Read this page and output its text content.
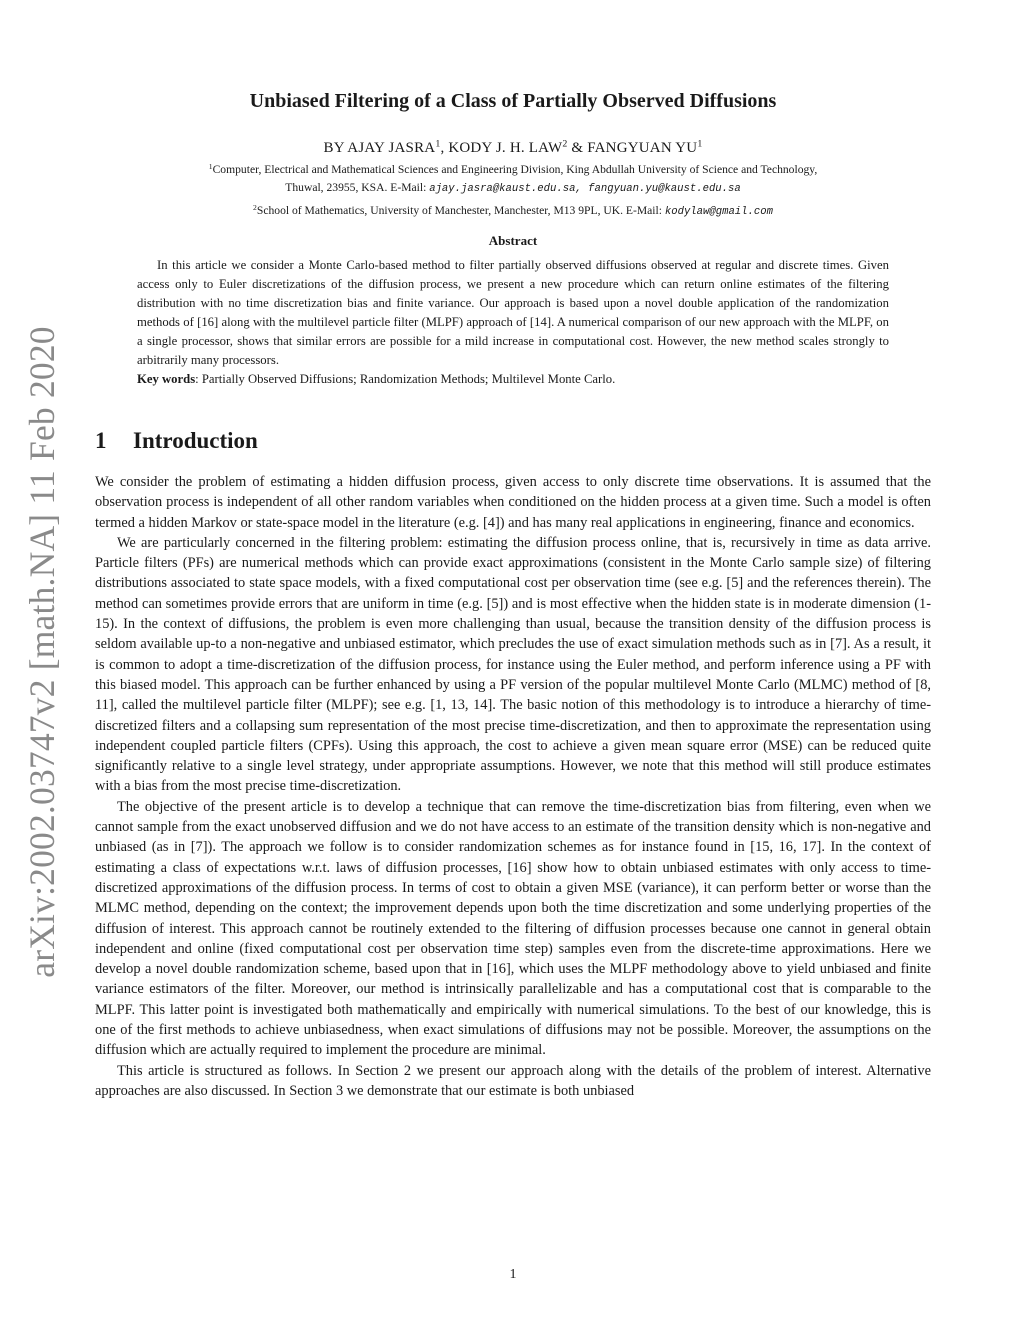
arXiv:2002.03747v2 [math.NA] 11 Feb 2020
Unbiased Filtering of a Class of Partially Observed Diffusions
BY AJAY JASRA$^1$, KODY J. H. LAW$^2$ & FANGYUAN $YU^1$
$^1$Computer, Electrical and Mathematical Sciences and Engineering Division, King Abdullah University of Science and Technology,
Thuwal, 23955, KSA. E-Mail: ajay.jasra@kaust.edu.sa, fangyuan.yu@kaust.edu.sa
$^2$School of Mathematics, University of Manchester, Manchester, M13 9PL, UK. E-Mail: kodylaw@gmail.com
Abstract

In this article we consider a Monte Carlo-based method to filter partially observed diffusions observed at regular and discrete times. Given access only to Euler discretizations of the diffusion process, we present a new procedure which can return online estimates of the filtering distribution with no time discretization bias and finite variance. Our approach is based upon a novel double application of the randomization methods of [16] along with the multilevel particle filter (MLPF) approach of [14]. A numerical comparison of our new approach with the MLPF, on a single processor, shows that similar errors are possible for a mild increase in computational cost. However, the new method scales strongly to arbitrarily many processors.

Key words: Partially Observed Diffusions; Randomization Methods; Multilevel Monte Carlo.

1 Introduction

We consider the problem of estimating a hidden diffusion process, given access to only discrete time observations. It is assumed that the observation process is independent of all other random variables when conditioned on the hidden process at a given time. Such a model is often termed a hidden Markov or state-space model in the literature (e.g. [4]) and has many real applications in engineering, finance and economics.

We are particularly concerned in the filtering problem: estimating the diffusion process online, that is, recursively in time as data arrive. Particle filters (PFs) are numerical methods which can provide exact approximations (consistent in the Monte Carlo sample size) of filtering distributions associated to state space models, with a fixed computational cost per observation time (see e.g. [5] and the references therein). The method can sometimes provide errors that are uniform in time (e.g. [5]) and is most effective when the hidden state is in moderate dimension (1-15). In the context of diffusions, the problem is even more challenging than usual, because the transition density of the diffusion process is seldom available up-to a non-negative and unbiased estimator, which precludes the use of exact simulation methods such as in [7]. As a result, it is common to adopt a time-discretization of the diffusion process, for instance using the Euler method, and perform inference using a PF with this biased model. This approach can be further enhanced by using a PF version of the popular multilevel Monte Carlo (MLMC) method of [8, 11], called the multilevel particle filter (MLPF); see e.g. [1, 13, 14]. The basic notion of this methodology is to introduce a hierarchy of time-discretized filters and a collapsing sum representation of the most precise time-discretization, and then to approximate the representation using independent coupled particle filters (CPFs). Using this approach, the cost to achieve a given mean square error (MSE) can be reduced quite significantly relative to a single level strategy, under appropriate assumptions. However, we note that this method will still produce estimates with a bias from the most precise time-discretization.

The objective of the present article is to develop a technique that can remove the time-discretization bias from filtering, even when we cannot sample from the exact unobserved diffusion and we do not have access to an estimate of the transition density which is non-negative and unbiased (as in [7]). The approach we follow is to consider randomization schemes as for instance found in [15, 16, 17]. In the context of estimating a class of expectations w.r.t. laws of diffusion processes, [16] show how to obtain unbiased estimates with only access to time-discretized approximations of the diffusion process. In terms of cost to obtain a given MSE (variance), it can perform better or worse than the MLMC method, depending on the context; the improvement depends upon both the time discretization and some underlying properties of the diffusion of interest. This approach cannot be routinely extended to the filtering of diffusion processes because one cannot in general obtain independent and online (fixed computational cost per observation time step) samples even from the discrete-time approximations. Here we develop a novel double randomization scheme, based upon that in [16], which uses the MLPF methodology above to yield unbiased and finite variance estimators of the filter. Moreover, our method is intrinsically parallelizable and has a computational cost that is comparable to the MLPF. This latter point is investigated both mathematically and empirically with numerical simulations. To the best of our knowledge, this is one of the first methods to achieve unbiasedness, when exact simulations of diffusions may not be possible. Moreover, the assumptions on the diffusion which are actually required to implement the procedure are minimal.

This article is structured as follows. In Section 2 we present our approach along with the details of the problem of interest. Alternative approaches are also discussed. In Section 3 we demonstrate that our estimate is both unbiased

1
